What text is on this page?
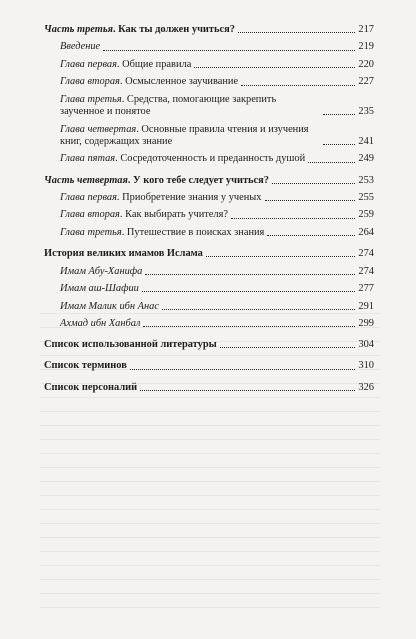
Часть третья. Как ты должен учиться?	217
Введение	219
Глава первая. Общие правила	220
Глава вторая. Осмысленное заучивание	227
Глава третья. Средства, помогающие закрепить заученное и понятое	235
Глава четвертая. Основные правила чтения и изучения книг, содержащих знание	241
Глава пятая. Сосредоточенность и преданность душой	249
Часть четвертая. У кого тебе следует учиться?	253
Глава первая. Приобретение знания у ученых	255
Глава вторая. Как выбирать учителя?	259
Глава третья. Путешествие в поисках знания	264
История великих имамов Ислама	274
Имам Абу-Ханифа	274
Имам аш-Шафии	277
Имам Малик ибн Анас	291
Ахмад ибн Ханбал	299
Список использованной литературы	304
Список терминов	310
Список персоналий	326
